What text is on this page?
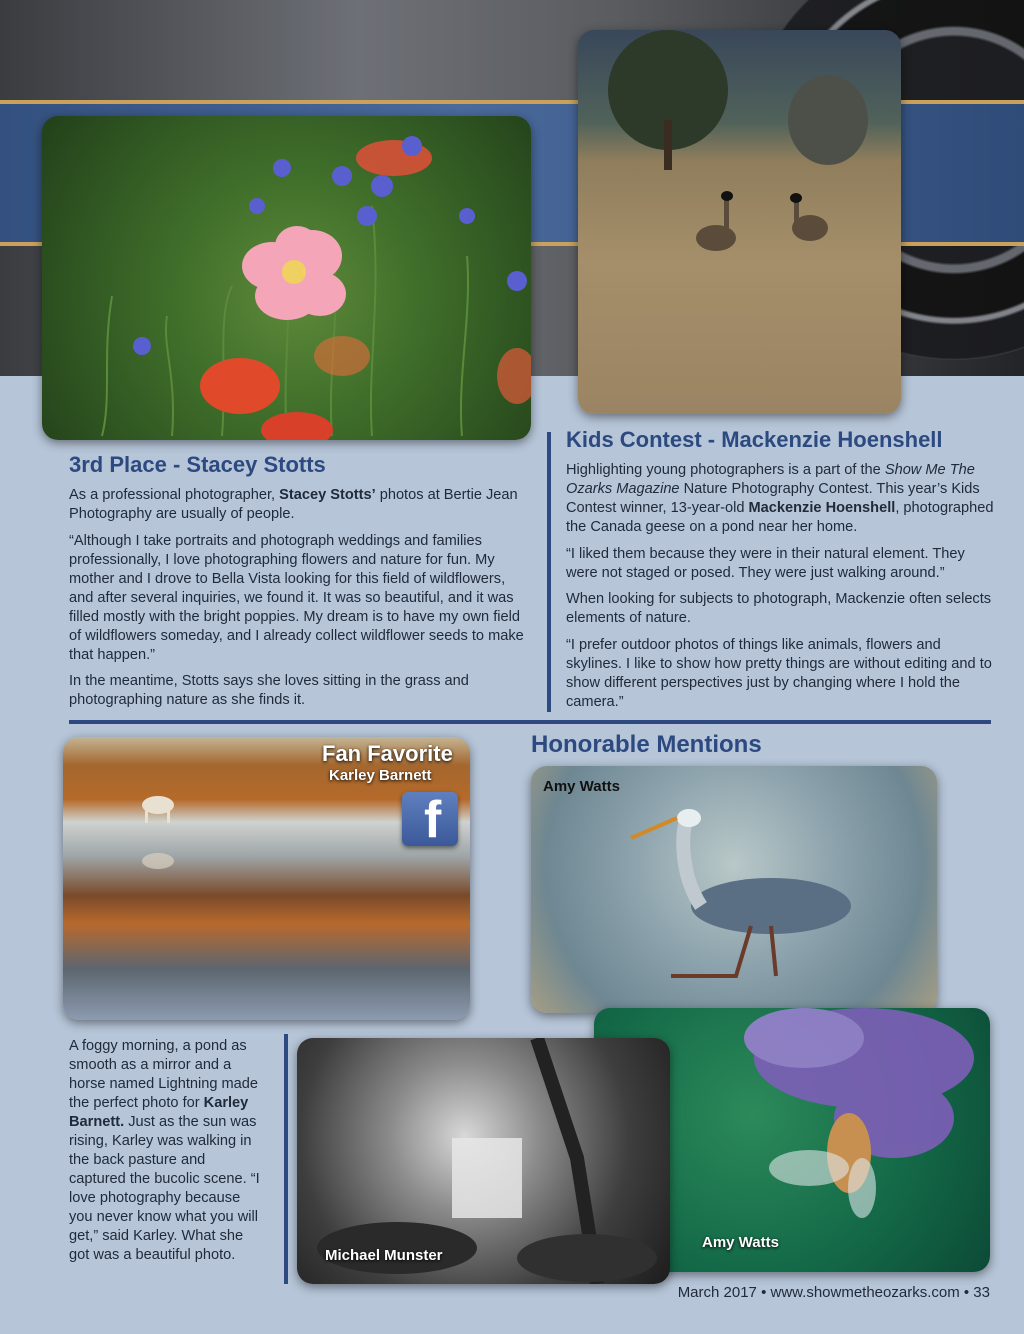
3rd Place - Stacey Stotts

As a professional photographer, Stacey Stotts’ photos at Bertie Jean Photography are usually of people.

“Although I take portraits and photograph weddings and families professionally, I love photographing flowers and nature for fun. My mother and I drove to Bella Vista looking for this field of wildflowers, and after several inquiries, we found it. It was so beautiful, and it was filled mostly with the bright poppies. My dream is to have my own field of wildflowers someday, and I already collect wildflower seeds to make that happen.”

In the meantime, Stotts says she loves sitting in the grass and photographing nature as she finds it.

Kids Contest - Mackenzie Hoenshell

Highlighting young photographers is a part of the Show Me The Ozarks Magazine Nature Photography Contest. This year’s Kids Contest winner, 13-year-old Mackenzie Hoenshell, photographed the Canada geese on a pond near her home.

“I liked them because they were in their natural element. They were not staged or posed. They were just walking around.”

When looking for subjects to photograph, Mackenzie often selects elements of nature.

“I prefer outdoor photos of things like animals, flowers and skylines. I like to show how pretty things are without editing and to show different perspectives just by changing where I hold the camera.”

Fan Favorite
Karley Barnett
f
Honorable Mentions
Amy Watts
Amy Watts
Michael Munster

A foggy morning, a pond as smooth as a mirror and a horse named Lightning made the perfect photo for Karley Barnett. Just as the sun was rising, Karley was walking in the back pasture and captured the bucolic scene. “I love photography because you never know what you will get,” said Karley. What she got was a beautiful photo.

March 2017 • www.showmetheozarks.com • 33
